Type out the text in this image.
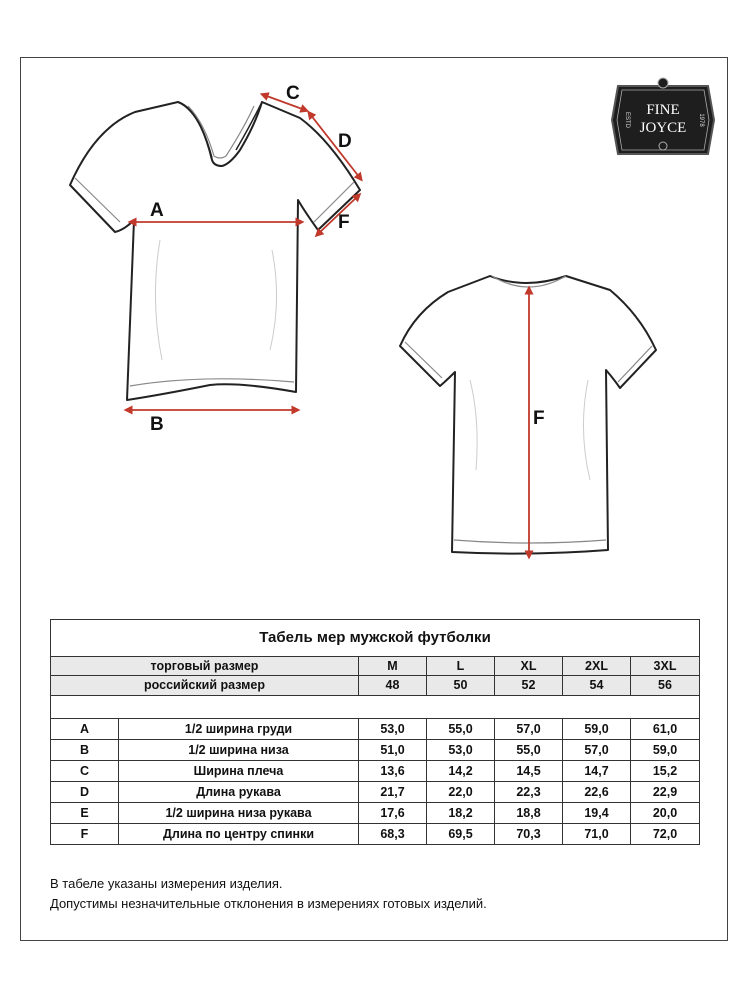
C
D
A
F
B	F
FINE
JOYCE
ESTD	1978
Табель мер мужской футболки
торговый размер	M	L	XL	2XL	3XL
российский размер	48	50	52	54	56
A	1/2 ширина груди	53,0	55,0	57,0	59,0	61,0
B	1/2 ширина низа	51,0	53,0	55,0	57,0	59,0
C	Ширина плеча	13,6	14,2	14,5	14,7	15,2
D	Длина рукава	21,7	22,0	22,3	22,6	22,9
E	1/2 ширина низа рукава	17,6	18,2	18,8	19,4	20,0
F	Длина по центру спинки	68,3	69,5	70,3	71,0	72,0
В табеле указаны измерения изделия.
Допустимы незначительные отклонения в измерениях готовых изделий.
